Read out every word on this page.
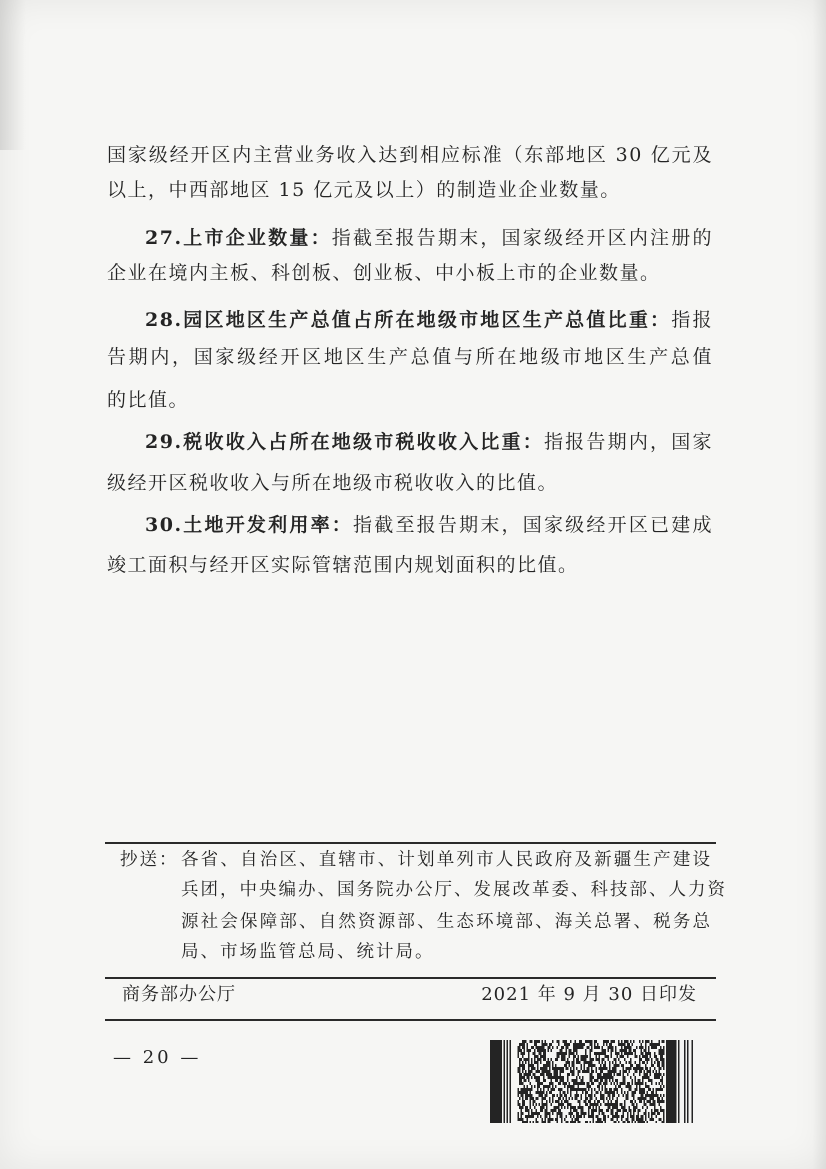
国家级经开区内主营业务收入达到相应标准（东部地区 30 亿元及
以上，中西部地区 15 亿元及以上）的制造业企业数量。
27.上市企业数量：指截至报告期末，国家级经开区内注册的
企业在境内主板、科创板、创业板、中小板上市的企业数量。
28.园区地区生产总值占所在地级市地区生产总值比重：指报
告期内，国家级经开区地区生产总值与所在地级市地区生产总值
的比值。
29.税收收入占所在地级市税收收入比重：指报告期内，国家
级经开区税收收入与所在地级市税收收入的比值。
30.土地开发利用率：指截至报告期末，国家级经开区已建成
竣工面积与经开区实际管辖范围内规划面积的比值。
抄送： 各省、自治区、直辖市、计划单列市人民政府及新疆生产建设
兵团，中央编办、国务院办公厅、发展改革委、科技部、人力资
源社会保障部、自然资源部、生态环境部、海关总署、税务总
局、市场监管总局、统计局。
商务部办公厅	2021 年 9 月 30 日印发
— 20 —
